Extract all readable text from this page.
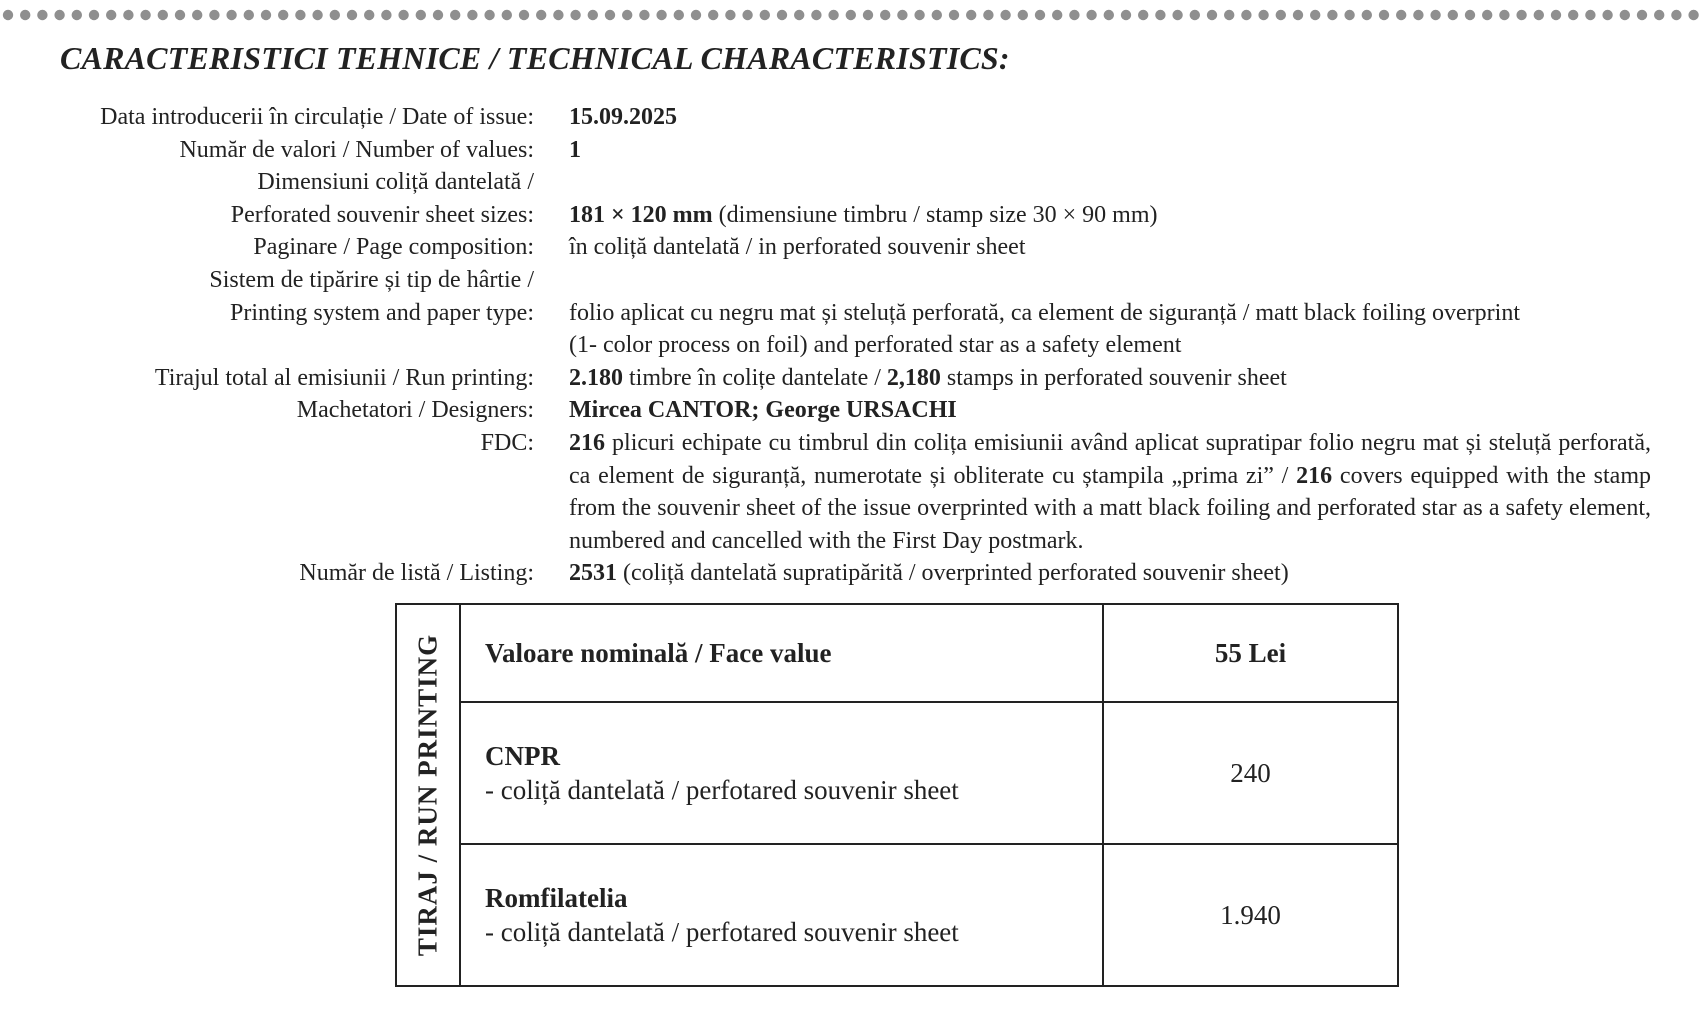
CARACTERISTICI TEHNICE / TECHNICAL CHARACTERISTICS:
Data introducerii în circulație / Date of issue: 15.09.2025
Număr de valori / Number of values: 1
Dimensiuni coliță dantelată /
Perforated souvenir sheet sizes:
181 × 120 mm (dimensiune timbru / stamp size 30 × 90 mm)
Paginare / Page composition: în coliță dantelată / in perforated souvenir sheet
Sistem de tipărire și tip de hârtie /
Printing system and paper type:
folio aplicat cu negru mat și steluță perforată, ca element de siguranță / matt black foiling overprint
(1- color process on foil) and perforated star as a safety element
Tirajul total al emisiunii / Run printing: 2.180 timbre în colițe dantelate / 2,180 stamps in perforated souvenir sheet
Machetatori / Designers: Mircea CANTOR; George URSACHI
FDC: 216 plicuri echipate cu timbrul din colița emisiunii având aplicat supratipar folio negru mat și steluță perforată, ca element de siguranță, numerotate și obliterate cu ștampila „prima zi” / 216 covers equipped with the stamp from the souvenir sheet of the issue overprinted with a matt black foiling and perforated star as a safety element, numbered and cancelled with the First Day postmark.
Număr de listă / Listing: 2531 (coliță dantelată supratipărită / overprinted perforated souvenir sheet)
TIRAJ / RUN PRINTING	Valoare nominală / Face value	55 Lei

	CNPR
- coliță dantelată / perfotared souvenir sheet	240

	Romfilatelia
- coliță dantelată / perfotared souvenir sheet	1.940
